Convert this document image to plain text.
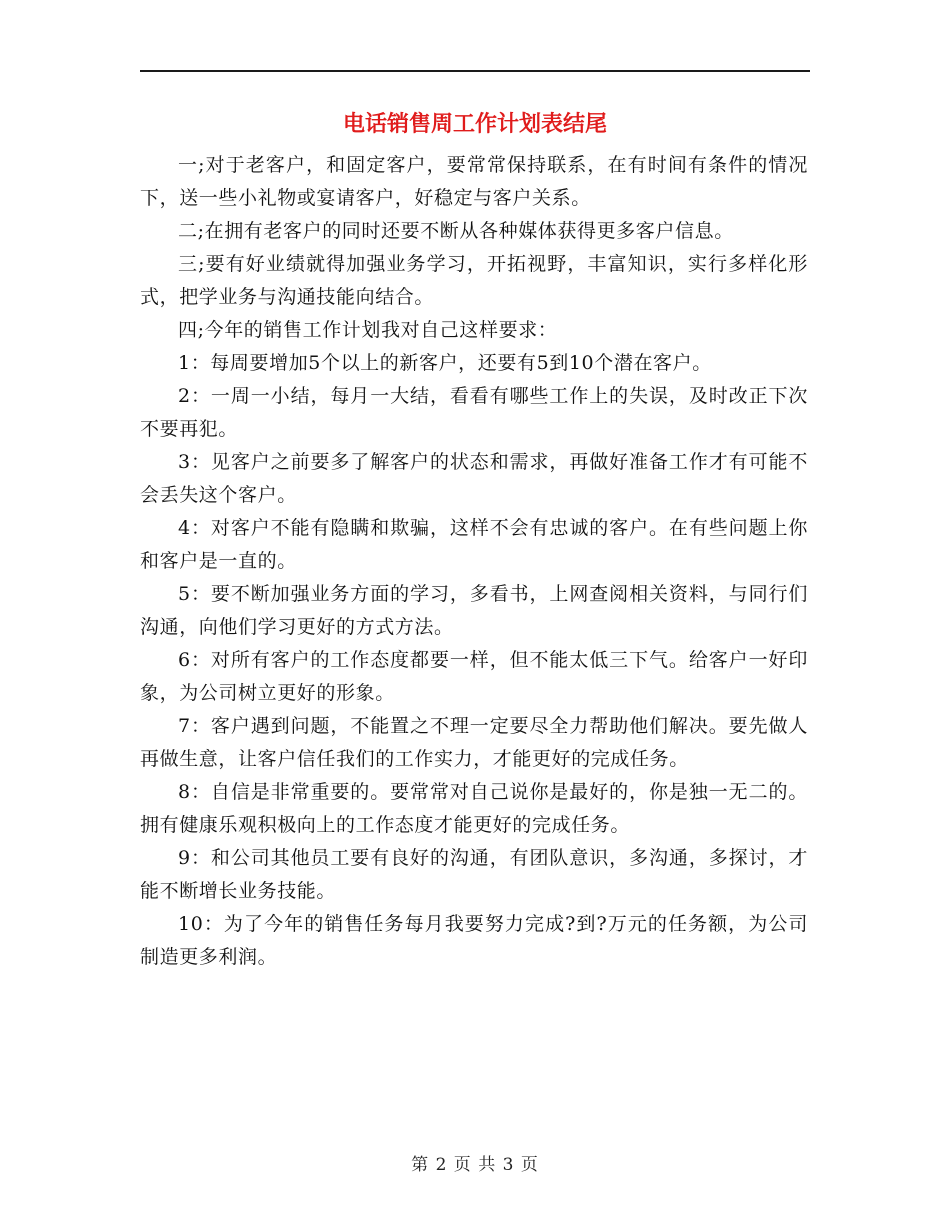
电话销售周工作计划表结尾

一;对于老客户，和固定客户，要常常保持联系，在有时间有条件的情况下，送一些小礼物或宴请客户，好稳定与客户关系。

二;在拥有老客户的同时还要不断从各种媒体获得更多客户信息。

三;要有好业绩就得加强业务学习，开拓视野，丰富知识，实行多样化形式，把学业务与沟通技能向结合。

四;今年的销售工作计划我对自己这样要求：

1：每周要增加5个以上的新客户，还要有5到10个潜在客户。

2：一周一小结，每月一大结，看看有哪些工作上的失误，及时改正下次不要再犯。

3：见客户之前要多了解客户的状态和需求，再做好准备工作才有可能不会丢失这个客户。

4：对客户不能有隐瞒和欺骗，这样不会有忠诚的客户。在有些问题上你和客户是一直的。

5：要不断加强业务方面的学习，多看书，上网查阅相关资料，与同行们沟通，向他们学习更好的方式方法。

6：对所有客户的工作态度都要一样，但不能太低三下气。给客户一好印象，为公司树立更好的形象。

7：客户遇到问题，不能置之不理一定要尽全力帮助他们解决。要先做人再做生意，让客户信任我们的工作实力，才能更好的完成任务。

8：自信是非常重要的。要常常对自己说你是最好的，你是独一无二的。拥有健康乐观积极向上的工作态度才能更好的完成任务。

9：和公司其他员工要有良好的沟通，有团队意识，多沟通，多探讨，才能不断增长业务技能。

10：为了今年的销售任务每月我要努力完成?到?万元的任务额，为公司制造更多利润。

第 2 页 共 3 页
